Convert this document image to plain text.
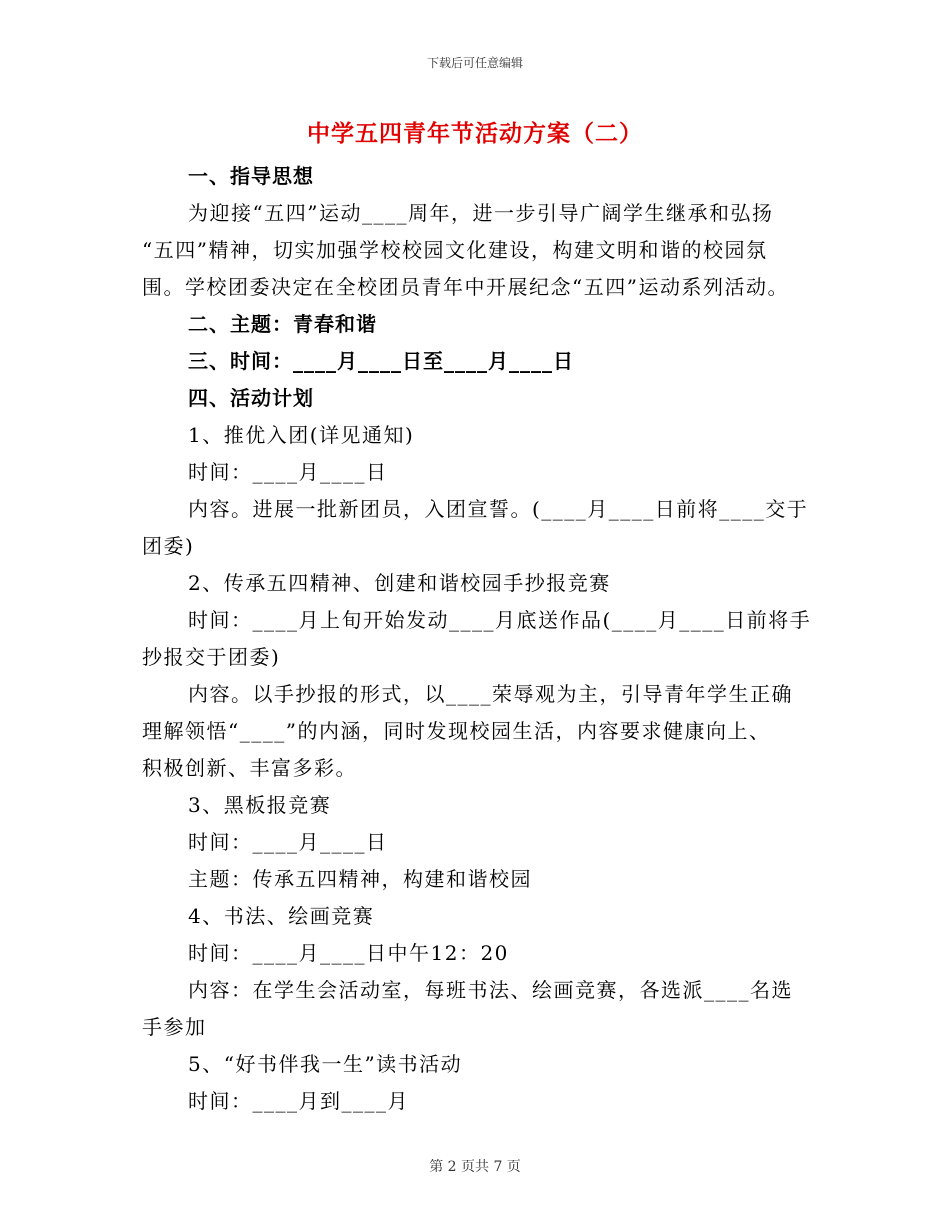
下载后可任意编辑
中学五四青年节活动方案（二）
一、指导思想
为迎接“五四”运动____周年，进一步引导广阔学生继承和弘扬
“五四”精神，切实加强学校校园文化建设，构建文明和谐的校园氛
围。学校团委决定在全校团员青年中开展纪念“五四”运动系列活动。
二、主题：青春和谐
三、时间：____月____日至____月____日
四、活动计划
1、推优入团(详见通知)
时间：____月____日
内容。进展一批新团员，入团宣誓。(____月____日前将____交于
团委)
2、传承五四精神、创建和谐校园手抄报竞赛
时间：____月上旬开始发动____月底送作品(____月____日前将手
抄报交于团委)
内容。以手抄报的形式，以____荣辱观为主，引导青年学生正确
理解领悟“____”的内涵，同时发现校园生活，内容要求健康向上、
积极创新、丰富多彩。
3、黑板报竞赛
时间：____月____日
主题：传承五四精神，构建和谐校园
4、书法、绘画竞赛
时间：____月____日中午12：20
内容：在学生会活动室，每班书法、绘画竞赛，各选派____名选
手参加
5、“好书伴我一生”读书活动
时间：____月到____月
第 2 页共 7 页
